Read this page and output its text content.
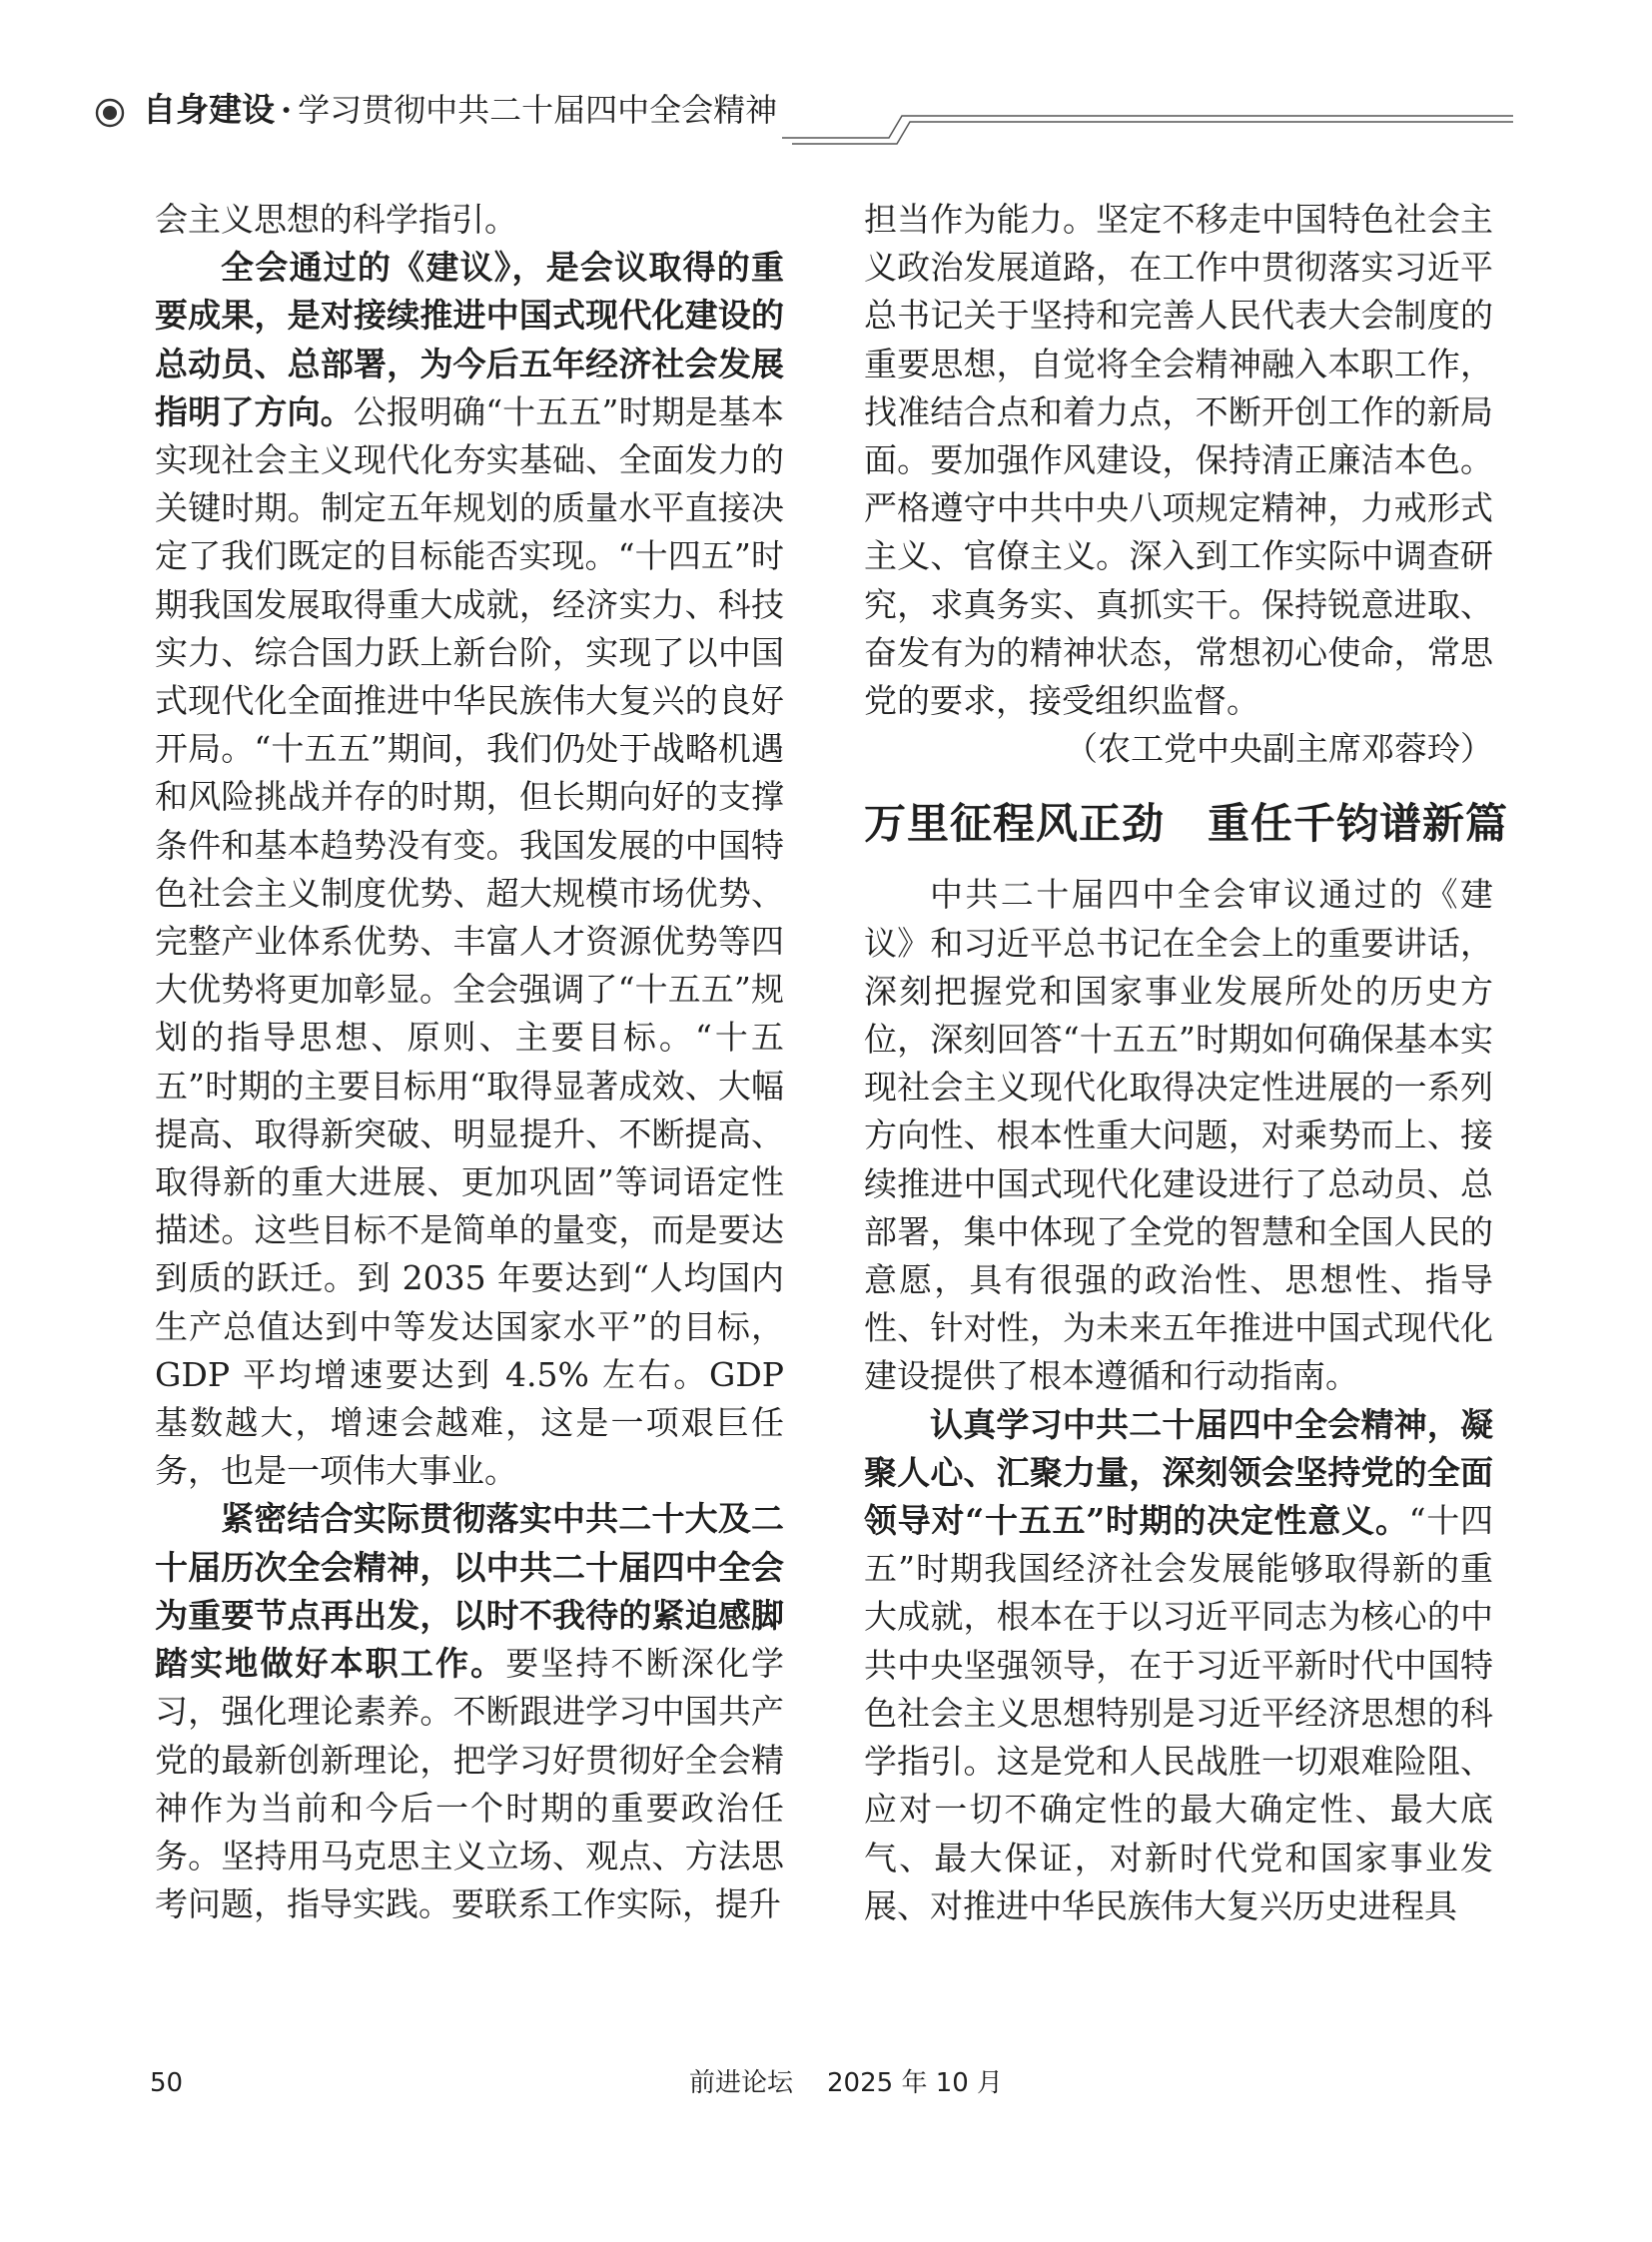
自身建设 · 学习贯彻中共二十届四中全会精神

会主义思想的科学指引。

全会通过的《建议》，是会议取得的重要成果，是对接续推进中国式现代化建设的总动员、总部署，为今后五年经济社会发展指明了方向。公报明确“十五五”时期是基本实现社会主义现代化夯实基础、全面发力的关键时期。制定五年规划的质量水平直接决定了我们既定的目标能否实现。“十四五”时期我国发展取得重大成就，经济实力、科技实力、综合国力跃上新台阶，实现了以中国式现代化全面推进中华民族伟大复兴的良好开局。“十五五”期间，我们仍处于战略机遇和风险挑战并存的时期，但长期向好的支撑条件和基本趋势没有变。我国发展的中国特色社会主义制度优势、超大规模市场优势、完整产业体系优势、丰富人才资源优势等四大优势将更加彰显。全会强调了“十五五”规划的指导思想、原则、主要目标。“十五五”时期的主要目标用“取得显著成效、大幅提高、取得新突破、明显提升、不断提高、取得新的重大进展、更加巩固”等词语定性描述。这些目标不是简单的量变，而是要达到质的跃迁。到 2035 年要达到“人均国内生产总值达到中等发达国家水平”的目标，GDP 平均增速要达到 4.5% 左右。GDP 基数越大，增速会越难，这是一项艰巨任务，也是一项伟大事业。

紧密结合实际贯彻落实中共二十大及二十届历次全会精神，以中共二十届四中全会为重要节点再出发，以时不我待的紧迫感脚踏实地做好本职工作。要坚持不断深化学习，强化理论素养。不断跟进学习中国共产党的最新创新理论，把学习好贯彻好全会精神作为当前和今后一个时期的重要政治任务。坚持用马克思主义立场、观点、方法思考问题，指导实践。要联系工作实际，提升

担当作为能力。坚定不移走中国特色社会主义政治发展道路，在工作中贯彻落实习近平总书记关于坚持和完善人民代表大会制度的重要思想，自觉将全会精神融入本职工作，找准结合点和着力点，不断开创工作的新局面。要加强作风建设，保持清正廉洁本色。严格遵守中共中央八项规定精神，力戒形式主义、官僚主义。深入到工作实际中调查研究，求真务实、真抓实干。保持锐意进取、奋发有为的精神状态，常想初心使命，常思党的要求，接受组织监督。

（农工党中央副主席邓蓉玲）

万里征程风正劲　重任千钧谱新篇

中共二十届四中全会审议通过的《建议》和习近平总书记在全会上的重要讲话，深刻把握党和国家事业发展所处的历史方位，深刻回答“十五五”时期如何确保基本实现社会主义现代化取得决定性进展的一系列方向性、根本性重大问题，对乘势而上、接续推进中国式现代化建设进行了总动员、总部署，集中体现了全党的智慧和全国人民的意愿，具有很强的政治性、思想性、指导性、针对性，为未来五年推进中国式现代化建设提供了根本遵循和行动指南。

认真学习中共二十届四中全会精神，凝聚人心、汇聚力量，深刻领会坚持党的全面领导对“十五五”时期的决定性意义。“十四五”时期我国经济社会发展能够取得新的重大成就，根本在于以习近平同志为核心的中共中央坚强领导，在于习近平新时代中国特色社会主义思想特别是习近平经济思想的科学指引。这是党和人民战胜一切艰难险阻、应对一切不确定性的最大确定性、最大底气、最大保证，对新时代党和国家事业发展、对推进中华民族伟大复兴历史进程具

50	前进论坛 2025 年 10 月
